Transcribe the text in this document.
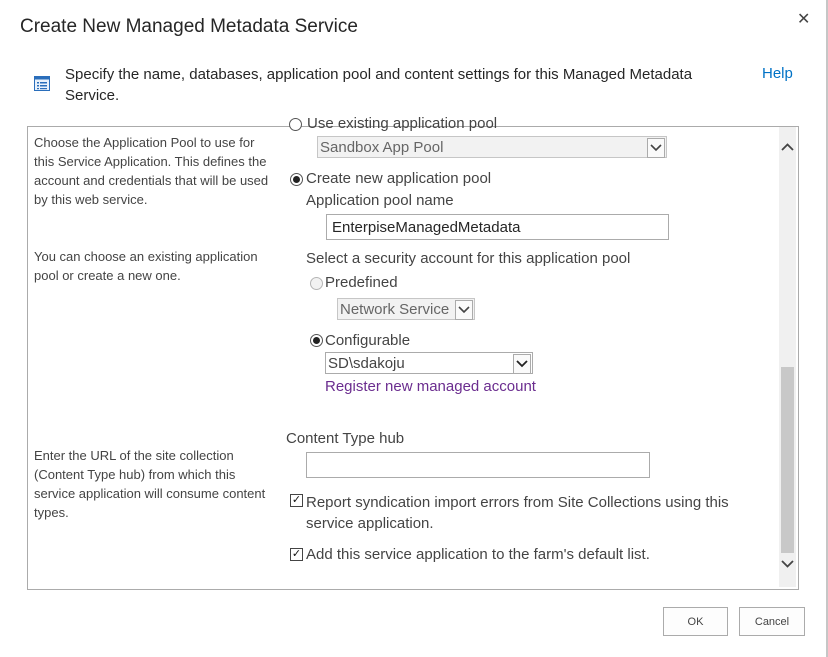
Create New Managed Metadata Service	✕
Specify the name, databases, application pool and content settings for this Managed Metadata Service.
Help
Choose the Application Pool to use for this Service Application. This defines the account and credentials that will be used by this web service.
You can choose an existing application pool or create a new one.
Use existing application pool
Sandbox App Pool
Create new application pool
Application pool name
EnterpiseManagedMetadata
Select a security account for this application pool
Predefined
Network Service
Configurable
SD\sdakoju
Register new managed account
Enter the URL of the site collection (Content Type hub) from which this service application will consume content types.
Content Type hub
✓ Report syndication import errors from Site Collections using this service application.
✓ Add this service application to the farm's default list.
OK	Cancel
